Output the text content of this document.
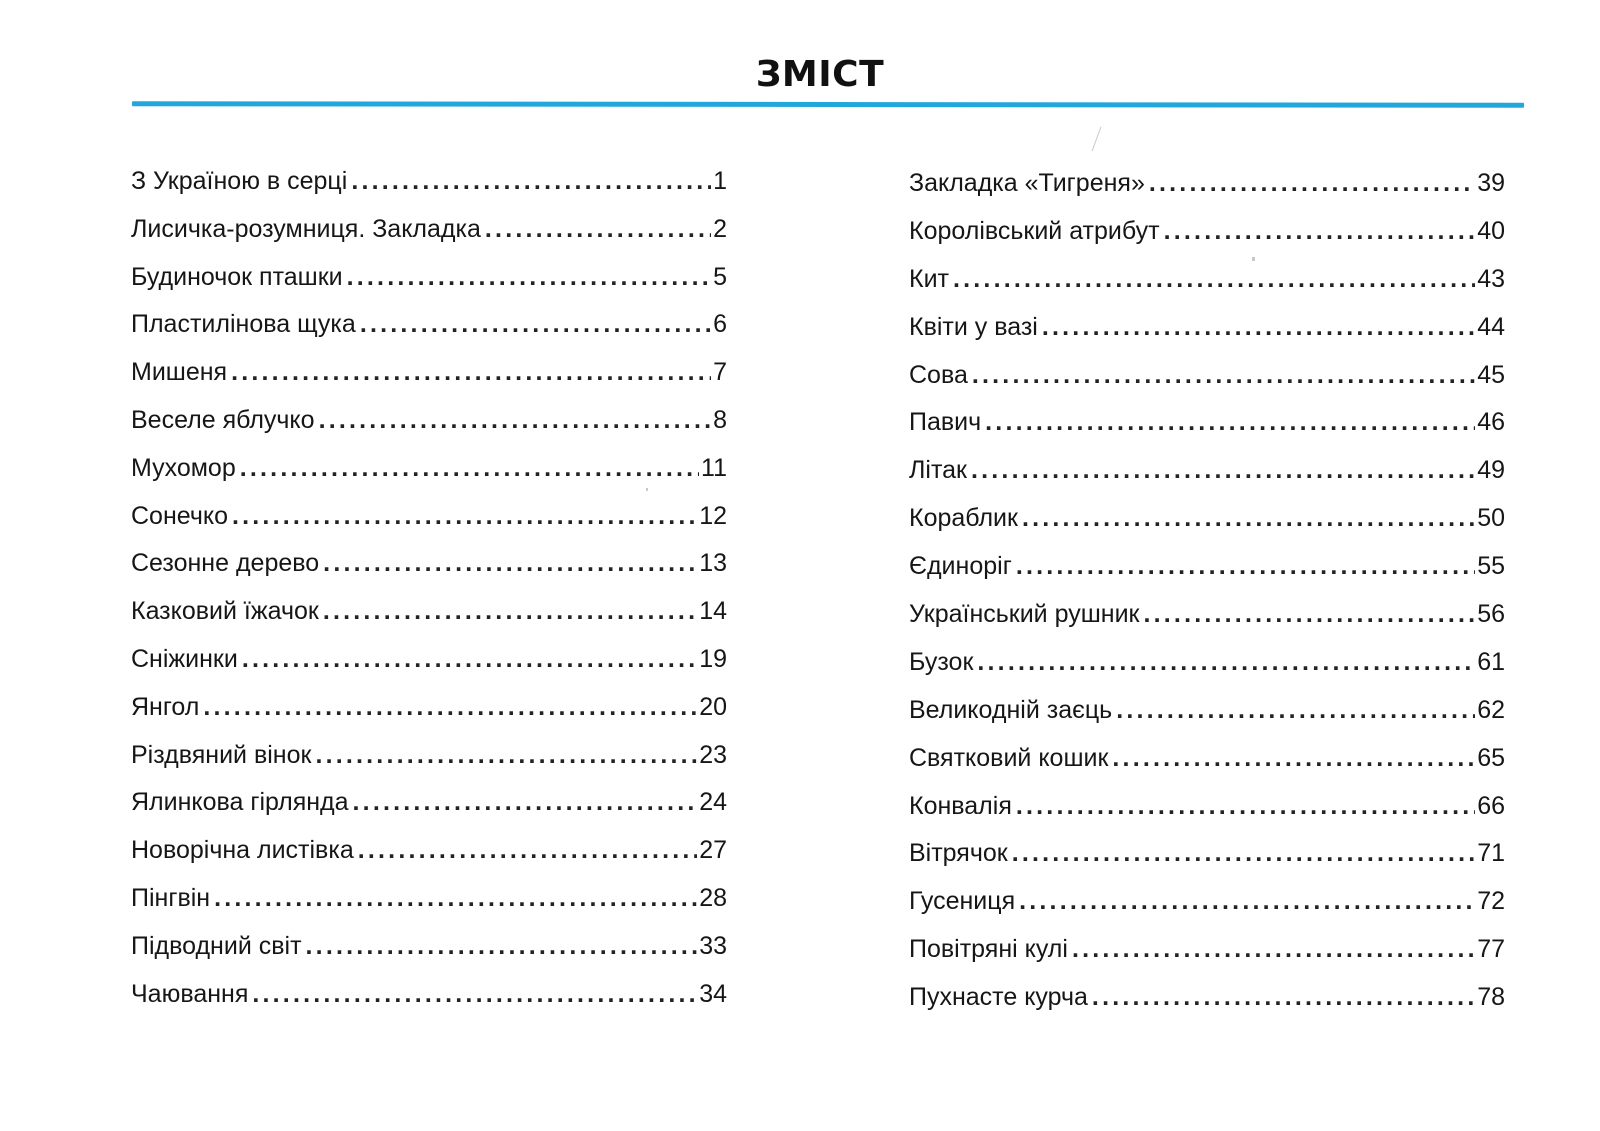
ЗМІСТ
З Україною в серці .....	1
Лисичка-розумниця. Закладка .....	2
Будиночок пташки .....	5
Пластилінова щука .....	6
Мишеня .....	7
Веселе яблучко .....	8
Мухомор .....	11
Сонечко .....	12
Сезонне дерево .....	13
Казковий їжачок .....	14
Сніжинки .....	19
Янгол .....	20
Різдвяний вінок .....	23
Ялинкова гірлянда .....	24
Новорічна листівка .....	27
Пінгвін .....	28
Підводний світ .....	33
Чаювання .....	34
Закладка «Тигреня» .....	39
Королівський атрибут .....	40
Кит .....	43
Квіти у вазі .....	44
Сова .....	45
Павич .....	46
Літак .....	49
Кораблик .....	50
Єдиноріг .....	55
Український рушник .....	56
Бузок .....	61
Великодній заєць .....	62
Святковий кошик .....	65
Конвалія .....	66
Вітрячок .....	71
Гусениця .....	72
Повітряні кулі .....	77
Пухнасте курча .....	78
